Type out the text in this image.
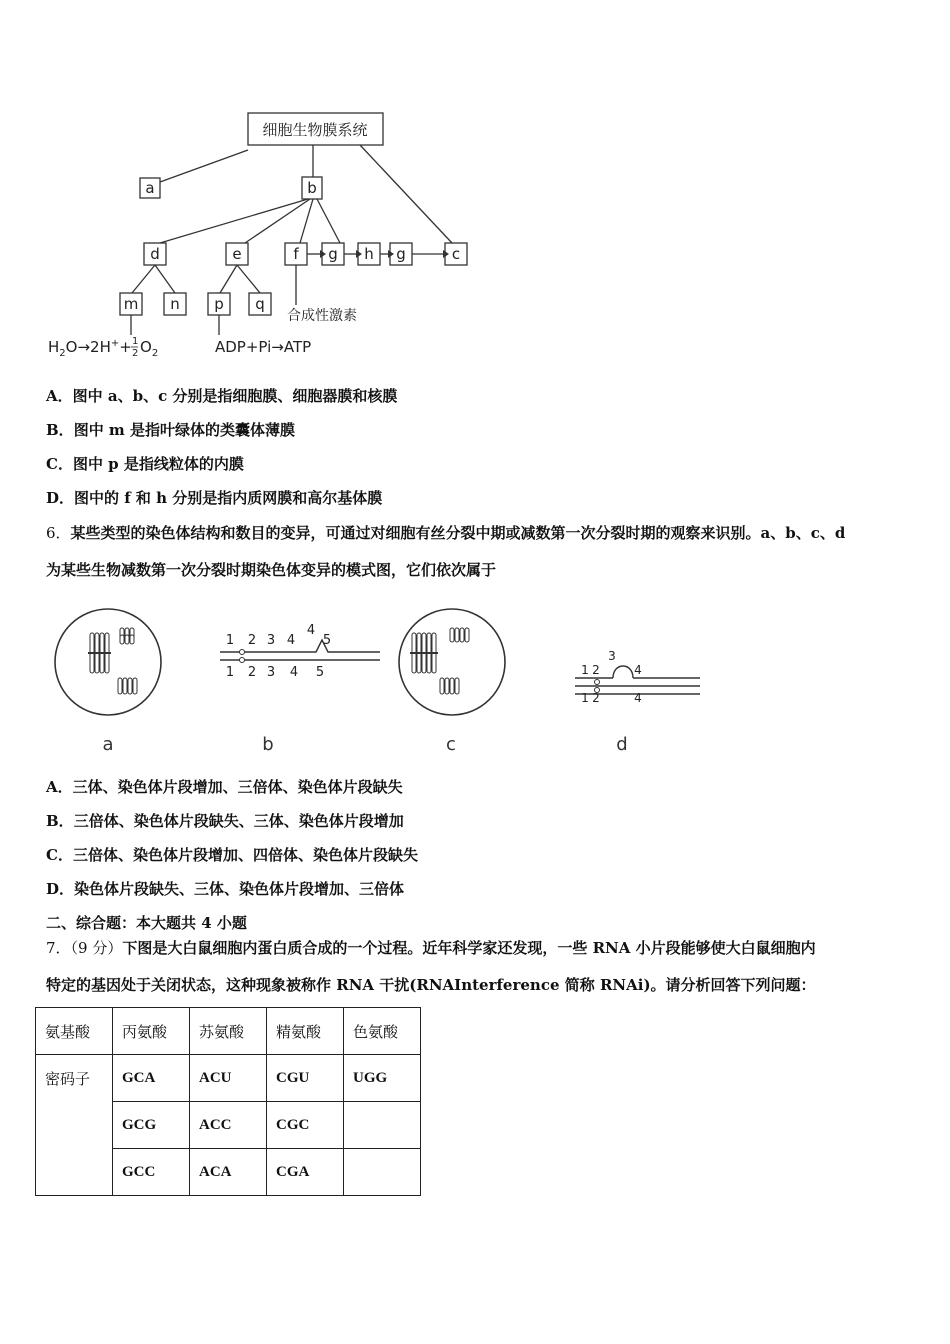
细胞生物膜系统
a	b
d	e	f g h g	c
m n p q
合成性激素
$H_2O\to 2H^++ 1$
2 $O_2$	ADP+Pi→ATP
A．图中 a、b、c 分别是指细胞膜、细胞器膜和核膜
B．图中 m 是指叶绿体的类囊体薄膜
C．图中 p 是指线粒体的内膜
D．图中的 f 和 h 分别是指内质网膜和高尔基体膜
6．某些类型的染色体结构和数目的变异，可通过对细胞有丝分裂中期或减数第一次分裂时期的观察来识别。a、b、c、d
为某些生物减数第一次分裂时期染色体变异的模式图，它们依次属于
1 2 3 4
4
5
1 2 3 4 5	1 2
3
4
1 2	4
a	b	c	d
A．三体、染色体片段增加、三倍体、染色体片段缺失
B．三倍体、染色体片段缺失、三体、染色体片段增加
C．三倍体、染色体片段增加、四倍体、染色体片段缺失
D．染色体片段缺失、三体、染色体片段增加、三倍体
二、综合题：本大题共 4 小题
7．（9 分）下图是大白鼠细胞内蛋白质合成的一个过程。近年科学家还发现，一些 RNA 小片段能够使大白鼠细胞内
特定的基因处于关闭状态，这种现象被称作 RNA 干扰(RNAInterference 简称 RNAi)。请分析回答下列问题：
氨基酸	丙氨酸	苏氨酸	精氨酸	色氨酸
密码子	GCA	ACU	CGU	UGG
	GCG	ACC	CGC	
	GCC	ACA	CGA	
